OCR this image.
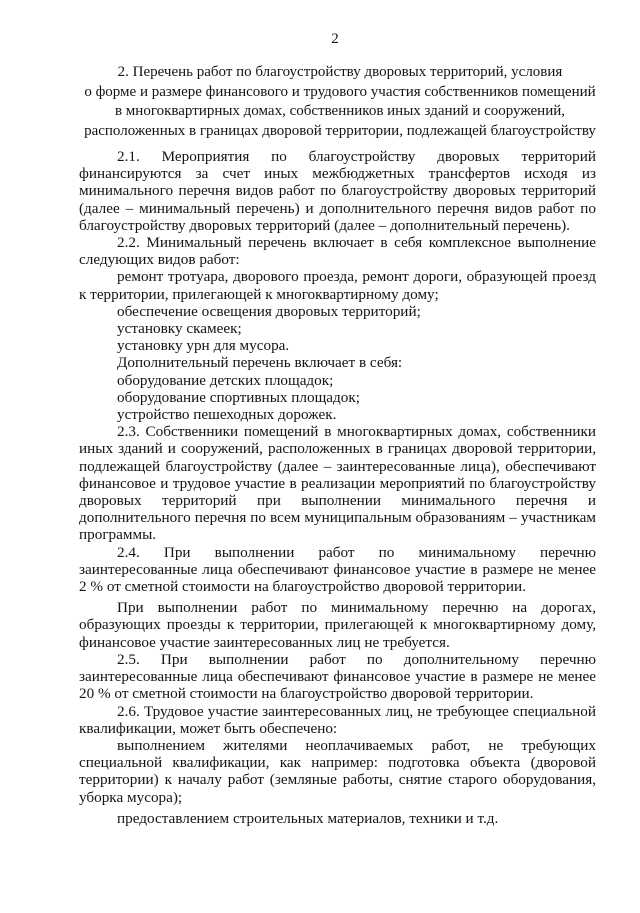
2
2. Перечень работ по благоустройству дворовых территорий, условия
о форме и размере финансового и трудового участия собственников помещений
в многоквартирных домах, собственников иных зданий и сооружений,
расположенных в границах дворовой территории, подлежащей благоустройству

2.1. Мероприятия по благоустройству дворовых территорий финансируются за счет иных межбюджетных трансфертов исходя из минимального перечня видов работ по благоустройству дворовых территорий (далее – минимальный перечень) и дополнительного перечня видов работ по благоустройству дворовых территорий (далее – дополнительный перечень).

2.2. Минимальный перечень включает в себя комплексное выполнение следующих видов работ:

ремонт тротуара, дворового проезда, ремонт дороги, образующей проезд к территории, прилегающей к многоквартирному дому;

обеспечение освещения дворовых территорий;

установку скамеек;

установку урн для мусора.

Дополнительный перечень включает в себя:

оборудование детских площадок;

оборудование спортивных площадок;

устройство пешеходных дорожек.

2.3. Собственники помещений в многоквартирных домах, собственники иных зданий и сооружений, расположенных в границах дворовой территории, подлежащей благоустройству (далее – заинтересованные лица), обеспечивают финансовое и трудовое участие в реализации мероприятий по благоустройству дворовых территорий при выполнении минимального перечня и дополнительного перечня по всем муниципальным образованиям – участникам программы.

2.4. При выполнении работ по минимальному перечню заинтересованные лица обеспечивают финансовое участие в размере не менее 2 % от сметной стоимости на благоустройство дворовой территории.

При выполнении работ по минимальному перечню на дорогах, образующих проезды к территории, прилегающей к многоквартирному дому, финансовое участие заинтересованных лиц не требуется.

2.5. При выполнении работ по дополнительному перечню заинтересованные лица обеспечивают финансовое участие в размере не менее 20 % от сметной стоимости на благоустройство дворовой территории.

2.6. Трудовое участие заинтересованных лиц, не требующее специальной квалификации, может быть обеспечено:

выполнением жителями неоплачиваемых работ, не требующих специальной квалификации, как например: подготовка объекта (дворовой территории) к началу работ (земляные работы, снятие старого оборудования, уборка мусора);

предоставлением строительных материалов, техники и т.д.
